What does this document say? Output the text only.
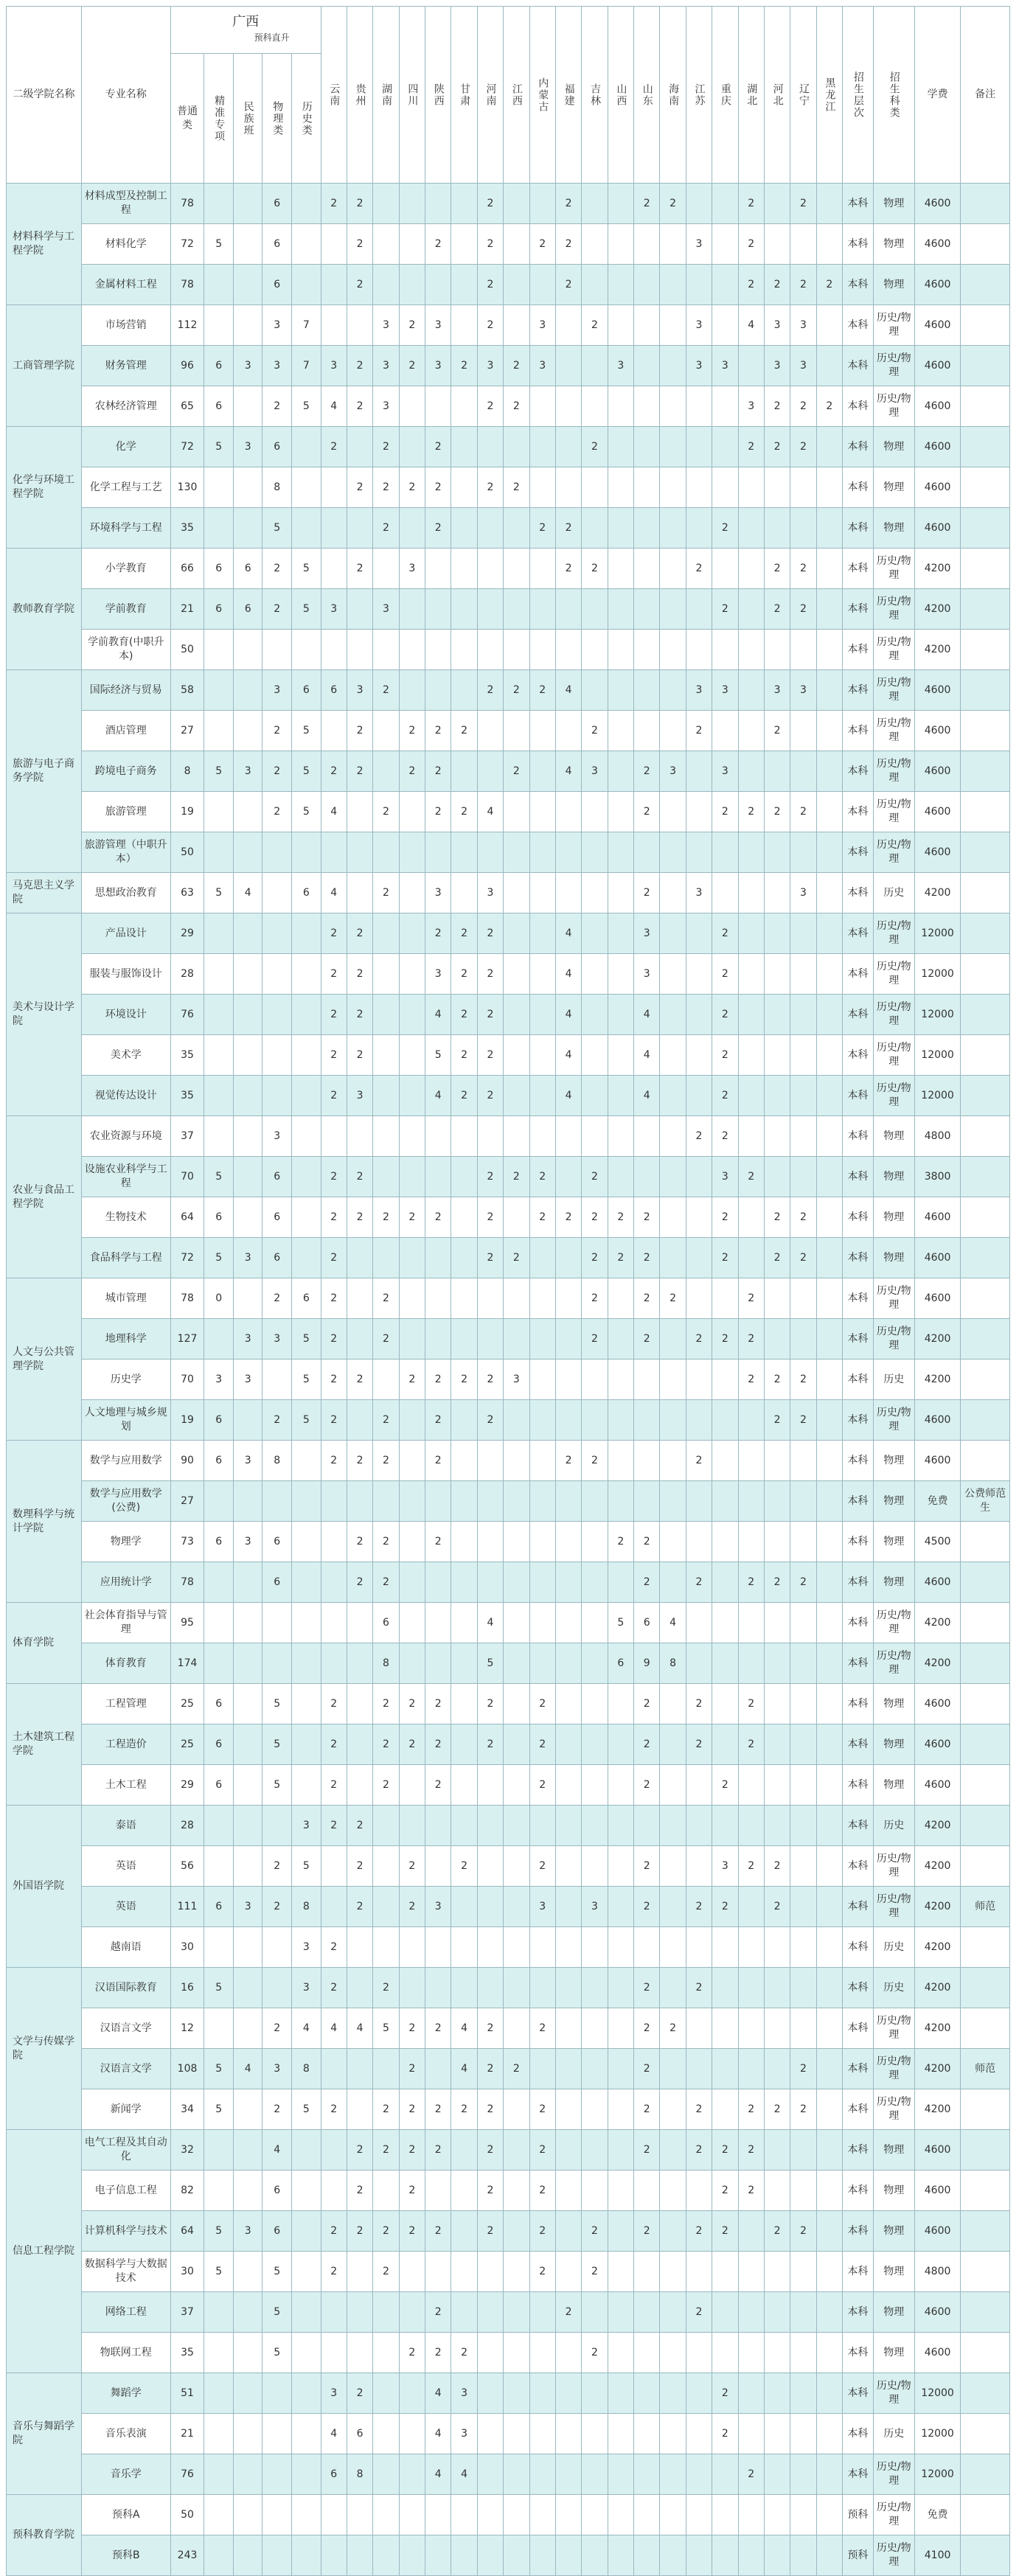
二级学院名称	专业名称	广西
预科直升					云南	贵州	湖南	四川	陕西	甘肃	河南	江西	内蒙古	福建	吉林	山西	山东	海南	江苏	重庆	湖北	河北	辽宁	黑龙江	招生层次	招生科类	学费	备注
		普通类	精准专项	民族班	物理类	历史类																								
材料科学与工程学院	材料成型及控制工程	78			6		2	2					2			2			2	2			2		2		本科	物理	4600	
	材料化学	72	5		6			2			2		2		2	2					3		2				本科	物理	4600	
	金属材料工程	78			6			2					2			2							2	2	2	2	本科	物理	4600	
工商管理学院	市场营销	112			3	7			3	2	3		2		3		2				3		4	3	3		本科	历史/物理	4600	
	财务管理	96	6	3	3	7	3	2	3	2	3	2	3	2	3			3			3	3		3	3		本科	历史/物理	4600	
	农林经济管理	65	6		2	5	4	2	3				2	2									3	2	2	2	本科	历史/物理	4600	
化学与环境工程学院	化学	72	5	3	6		2		2		2						2						2	2	2		本科	物理	4600	
	化学工程与工艺	130			8			2	2	2	2		2	2													本科	物理	4600	
	环境科学与工程	35			5				2		2				2	2						2					本科	物理	4600	
教师教育学院	小学教育	66	6	6	2	5		2		3						2	2				2			2	2		本科	历史/物理	4200	
	学前教育	21	6	6	2	5	3		3													2		2	2		本科	历史/物理	4200	
	学前教育(中职升本)	50																									本科	历史/物理	4200	
旅游与电子商务学院	国际经济与贸易	58			3	6	6	3	2				2	2	2	4					3	3		3	3		本科	历史/物理	4600	
	酒店管理	27			2	5		2		2	2	2					2				2			2			本科	历史/物理	4600	
	跨境电子商务	8	5	3	2	5	2	2		2	2			2		4	3		2	3		3					本科	历史/物理	4600	
	旅游管理	19			2	5	4		2		2	2	4						2			2	2	2	2		本科	历史/物理	4600	
	旅游管理（中职升本）	50																									本科	历史/物理	4600	
马克思主义学院	思想政治教育	63	5	4		6	4		2		3		3						2		3				3		本科	历史	4200	
美术与设计学院	产品设计	29					2	2			2	2	2			4			3			2					本科	历史/物理	12000	
	服装与服饰设计	28					2	2			3	2	2			4			3			2					本科	历史/物理	12000	
	环境设计	76					2	2			4	2	2			4			4			2					本科	历史/物理	12000	
	美术学	35					2	2			5	2	2			4			4			2					本科	历史/物理	12000	
	视觉传达设计	35					2	3			4	2	2			4			4			2					本科	历史/物理	12000	
农业与食品工程学院	农业资源与环境	37			3																2	2					本科	物理	4800	
	设施农业科学与工程	70	5		6		2	2					2	2	2		2					3	2				本科	物理	3800	
	生物技术	64	6		6		2	2	2	2	2		2		2	2	2	2	2			2		2	2		本科	物理	4600	
	食品科学与工程	72	5	3	6		2						2	2			2	2	2			2		2	2		本科	物理	4600	
人文与公共管理学院	城市管理	78	0		2	6	2		2								2		2	2			2				本科	历史/物理	4600	
	地理科学	127		3	3	5	2		2								2		2		2	2	2				本科	历史/物理	4200	
	历史学	70	3	3		5	2	2		2	2	2	2	3									2	2	2		本科	历史	4200	
	人文地理与城乡规划	19	6		2	5	2		2		2		2											2	2		本科	历史/物理	4600	
数理科学与统计学院	数学与应用数学	90	6	3	8		2	2	2		2					2	2				2						本科	物理	4600	
	数学与应用数学(公费)	27																									本科	物理	免费	公费师范生
	物理学	73	6	3	6			2	2		2							2	2								本科	物理	4500	
	应用统计学	78			6			2	2										2		2		2	2	2		本科	物理	4600	
体育学院	社会体育指导与管理	95							6				4					5	6	4							本科	历史/物理	4200	
	体育教育	174							8				5					6	9	8							本科	历史/物理	4200	
土木建筑工程学院	工程管理	25	6		5		2		2	2	2		2		2				2		2		2				本科	物理	4600	
	工程造价	25	6		5		2		2	2	2		2		2				2		2		2				本科	物理	4600	
	土木工程	29	6		5		2		2		2				2				2			2					本科	物理	4600	
外国语学院	泰语	28				3	2	2																			本科	历史	4200	
	英语	56			2	5		2		2		2			2				2			3	2	2			本科	历史/物理	4200	
	英语	111	6	3	2	8		2		2	3				3		3		2		2	2		2			本科	历史/物理	4200	师范
	越南语	30				3	2																				本科	历史	4200	
文学与传媒学院	汉语国际教育	16	5			3	2		2										2		2						本科	历史	4200	
	汉语言文学	12			2	4	4	4	5	2	2	4	2		2				2	2							本科	历史/物理	4200	
	汉语言文学	108	5	4	3	8				2		4	2	2					2						2		本科	历史/物理	4200	师范
	新闻学	34	5		2	5	2		2	2	2	2	2		2				2		2		2	2	2		本科	历史/物理	4200	
信息工程学院	电气工程及其自动化	32			4			2	2	2	2		2		2				2		2	2	2				本科	物理	4600	
	电子信息工程	82			6			2		2			2		2							2	2				本科	物理	4600	
	计算机科学与技术	64	5	3	6		2	2	2	2	2		2		2		2		2		2	2		2	2		本科	物理	4600	
	数据科学与大数据技术	30	5		5		2		2						2		2										本科	物理	4800	
	网络工程	37			5						2					2					2						本科	物理	4600	
	物联网工程	35			5					2	2	2					2										本科	物理	4600	
音乐与舞蹈学院	舞蹈学	51					3	2			4	3										2					本科	历史/物理	12000	
	音乐表演	21					4	6			4	3										2					本科	历史	12000	
	音乐学	76					6	8			4	4											2				本科	历史/物理	12000	
预科教育学院	预科A	50																									预科	历史/物理	免费	
	预科B	243																									预科	历史/物理	4100	
